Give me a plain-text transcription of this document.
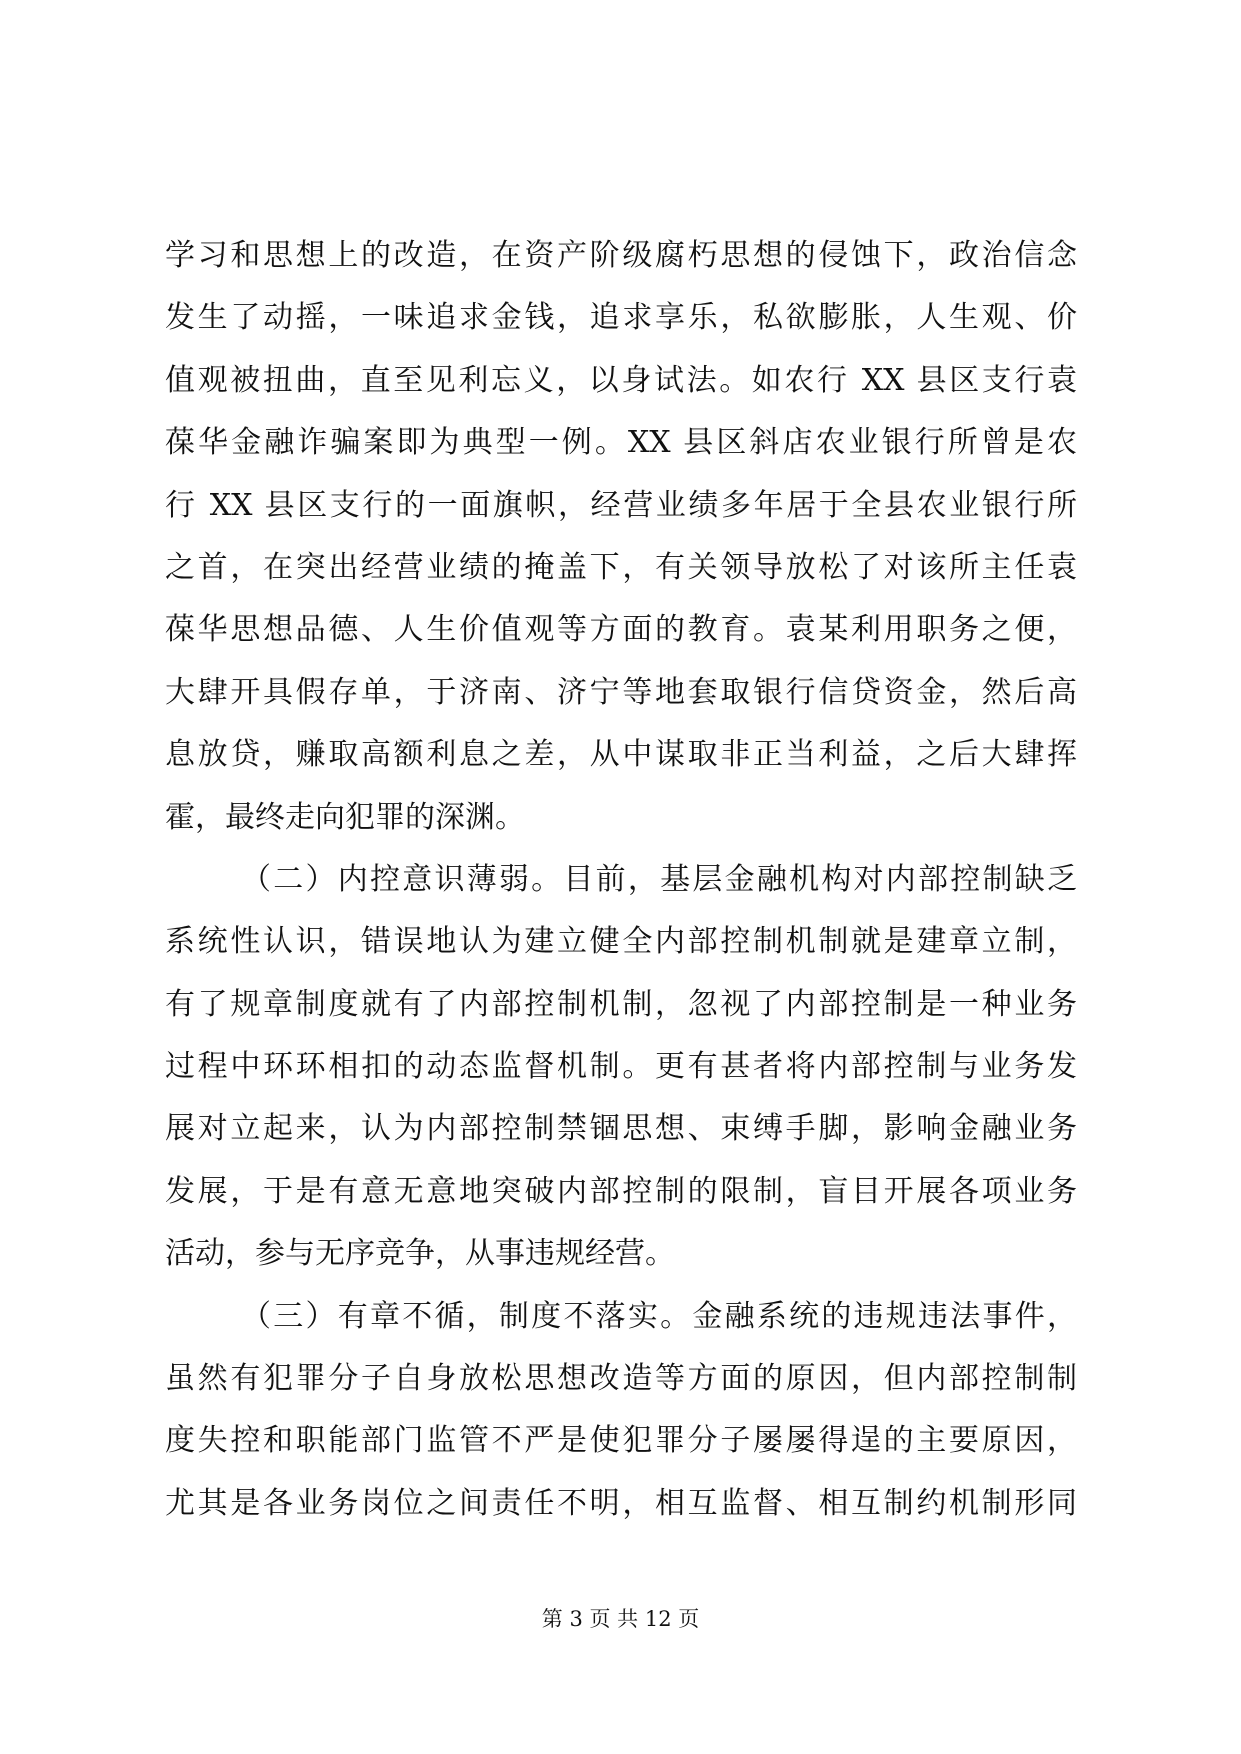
学习和思想上的改造，在资产阶级腐朽思想的侵蚀下，政治信念
发生了动摇，一味追求金钱，追求享乐，私欲膨胀，人生观、价
值观被扭曲，直至见利忘义，以身试法。如农行 XX 县区支行袁
葆华金融诈骗案即为典型一例。XX 县区斜店农业银行所曾是农
行 XX 县区支行的一面旗帜，经营业绩多年居于全县农业银行所
之首，在突出经营业绩的掩盖下，有关领导放松了对该所主任袁
葆华思想品德、人生价值观等方面的教育。袁某利用职务之便，
大肆开具假存单，于济南、济宁等地套取银行信贷资金，然后高
息放贷，赚取高额利息之差，从中谋取非正当利益，之后大肆挥
霍，最终走向犯罪的深渊。
（二）内控意识薄弱。目前，基层金融机构对内部控制缺乏
系统性认识，错误地认为建立健全内部控制机制就是建章立制，
有了规章制度就有了内部控制机制，忽视了内部控制是一种业务
过程中环环相扣的动态监督机制。更有甚者将内部控制与业务发
展对立起来，认为内部控制禁锢思想、束缚手脚，影响金融业务
发展，于是有意无意地突破内部控制的限制，盲目开展各项业务
活动，参与无序竞争，从事违规经营。
（三）有章不循，制度不落实。金融系统的违规违法事件，
虽然有犯罪分子自身放松思想改造等方面的原因，但内部控制制
度失控和职能部门监管不严是使犯罪分子屡屡得逞的主要原因，
尤其是各业务岗位之间责任不明，相互监督、相互制约机制形同
第 3 页 共 12 页
